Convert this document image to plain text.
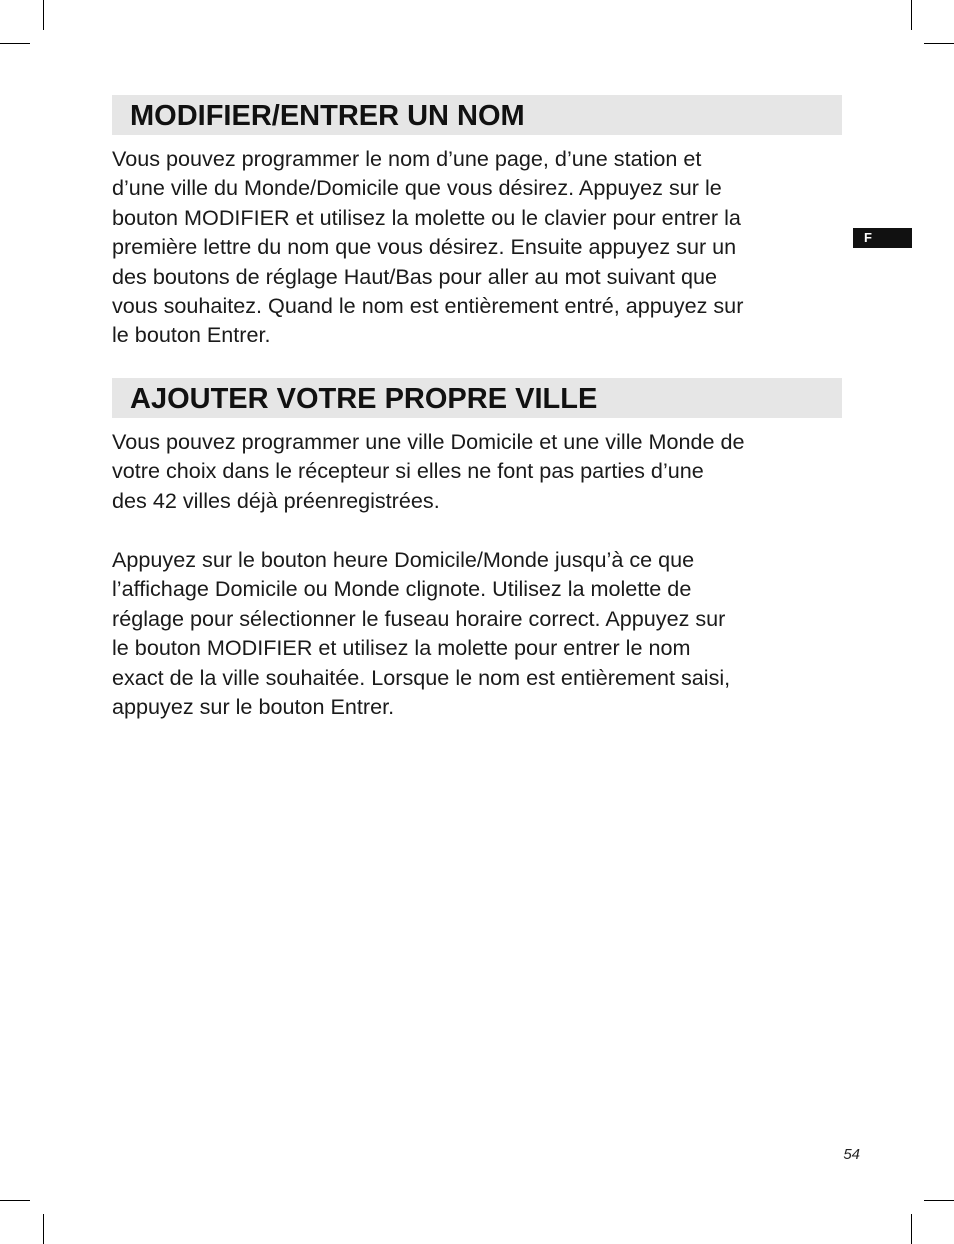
F
MODIFIER/ENTRER UN NOM

Vous pouvez programmer le nom d’une page, d’une station et
d’une ville du Monde/Domicile que vous désirez. Appuyez sur le
bouton MODIFIER et utilisez la molette ou le clavier pour entrer la
première lettre du nom que vous désirez. Ensuite appuyez sur un
des boutons de réglage Haut/Bas pour aller au mot suivant que
vous souhaitez. Quand le nom est entièrement entré, appuyez sur
le bouton Entrer.

AJOUTER VOTRE PROPRE VILLE

Vous pouvez programmer une ville Domicile et une ville Monde de
votre choix dans le récepteur si elles ne font pas parties d’une
des 42 villes déjà préenregistrées.

Appuyez sur le bouton heure Domicile/Monde jusqu’à ce que
l’affichage Domicile ou Monde clignote. Utilisez la molette de
réglage pour sélectionner le fuseau horaire correct. Appuyez sur
le bouton MODIFIER et utilisez la molette pour entrer le nom
exact de la ville souhaitée. Lorsque le nom est entièrement saisi,
appuyez sur le bouton Entrer.

54
